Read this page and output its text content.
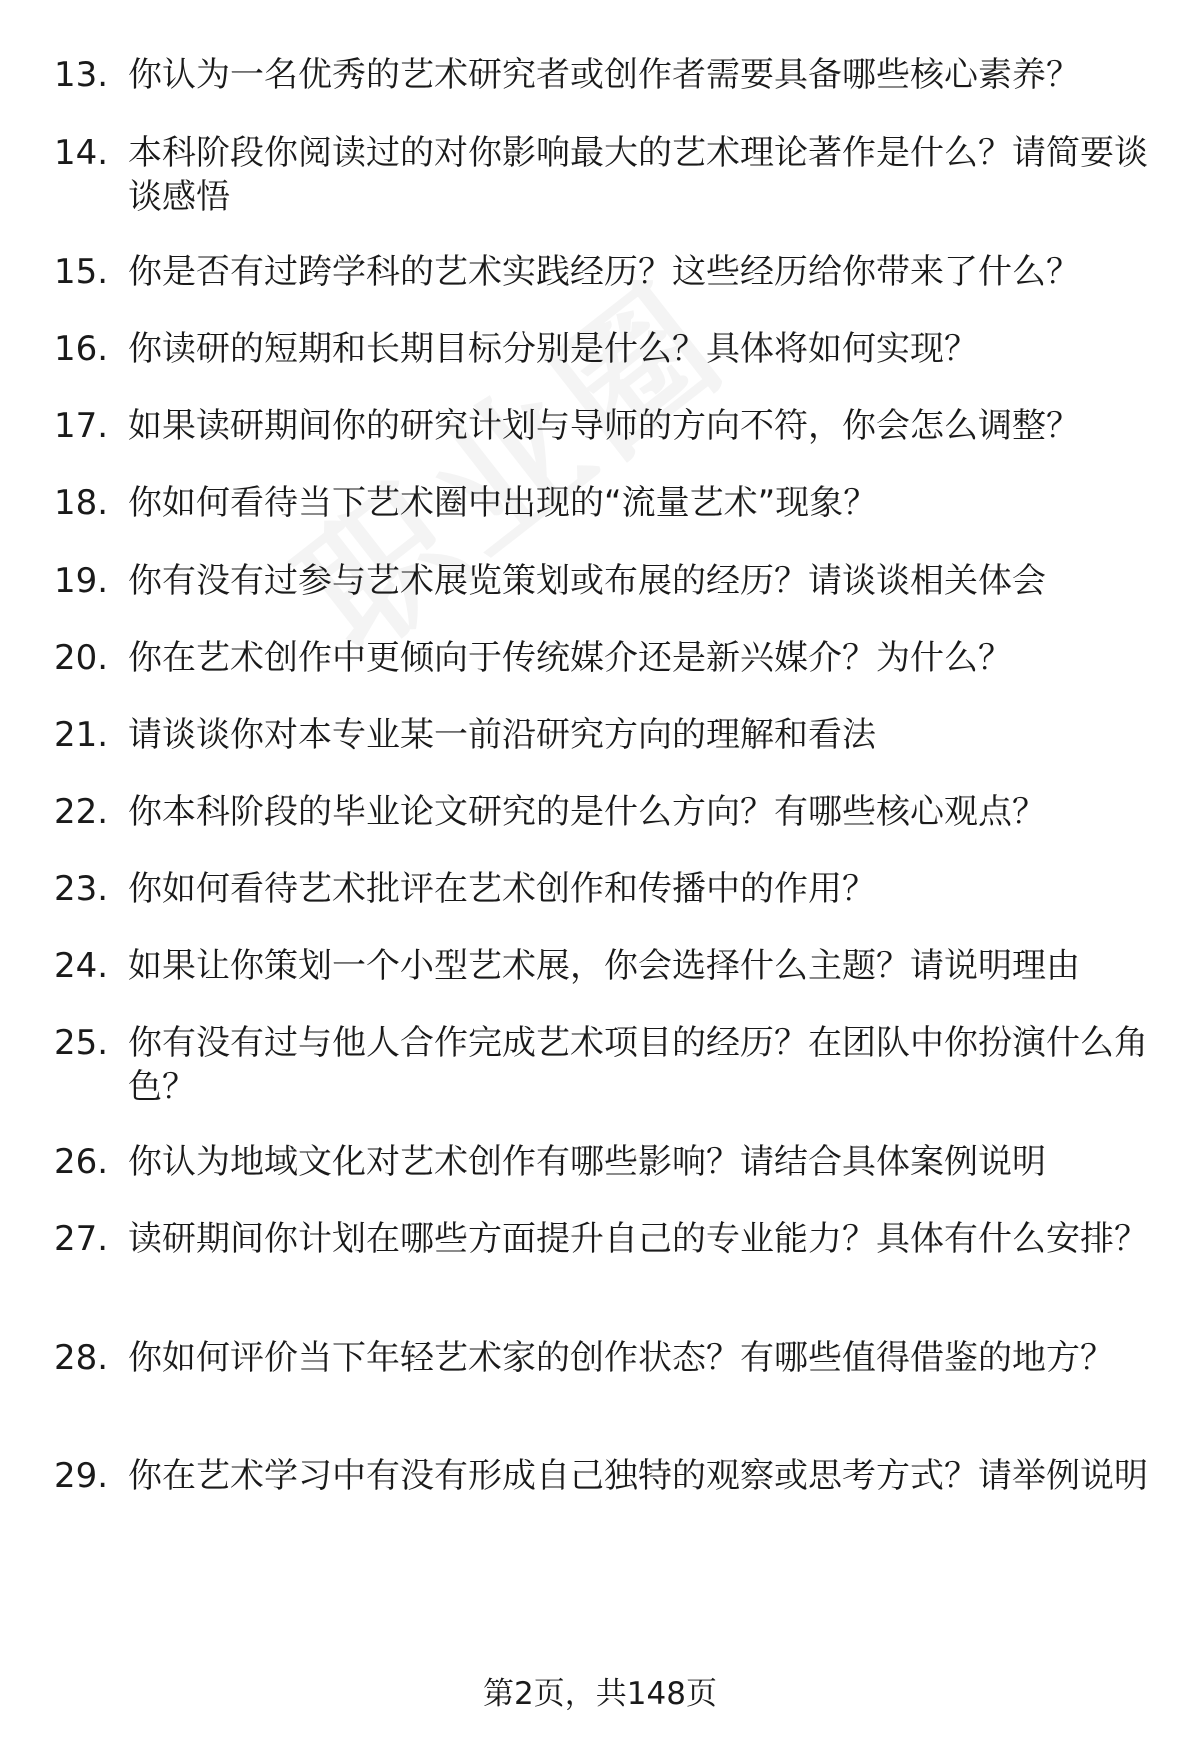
13. 你认为一名优秀的艺术研究者或创作者需要具备哪些核心素养？
14. 本科阶段你阅读过的对你影响最大的艺术理论著作是什么？请简要谈谈感悟
15. 你是否有过跨学科的艺术实践经历？这些经历给你带来了什么？
16. 你读研的短期和长期目标分别是什么？具体将如何实现？
17. 如果读研期间你的研究计划与导师的方向不符，你会怎么调整？
18. 你如何看待当下艺术圈中出现的“流量艺术”现象？
19. 你有没有过参与艺术展览策划或布展的经历？请谈谈相关体会
20. 你在艺术创作中更倾向于传统媒介还是新兴媒介？为什么？
21. 请谈谈你对本专业某一前沿研究方向的理解和看法
22. 你本科阶段的毕业论文研究的是什么方向？有哪些核心观点？
23. 你如何看待艺术批评在艺术创作和传播中的作用？
24. 如果让你策划一个小型艺术展，你会选择什么主题？请说明理由
25. 你有没有过与他人合作完成艺术项目的经历？在团队中你扮演什么角色？
26. 你认为地域文化对艺术创作有哪些影响？请结合具体案例说明
27. 读研期间你计划在哪些方面提升自己的专业能力？具体有什么安排？
28. 你如何评价当下年轻艺术家的创作状态？有哪些值得借鉴的地方？
29. 你在艺术学习中有没有形成自己独特的观察或思考方式？请举例说明
第2页，共148页
